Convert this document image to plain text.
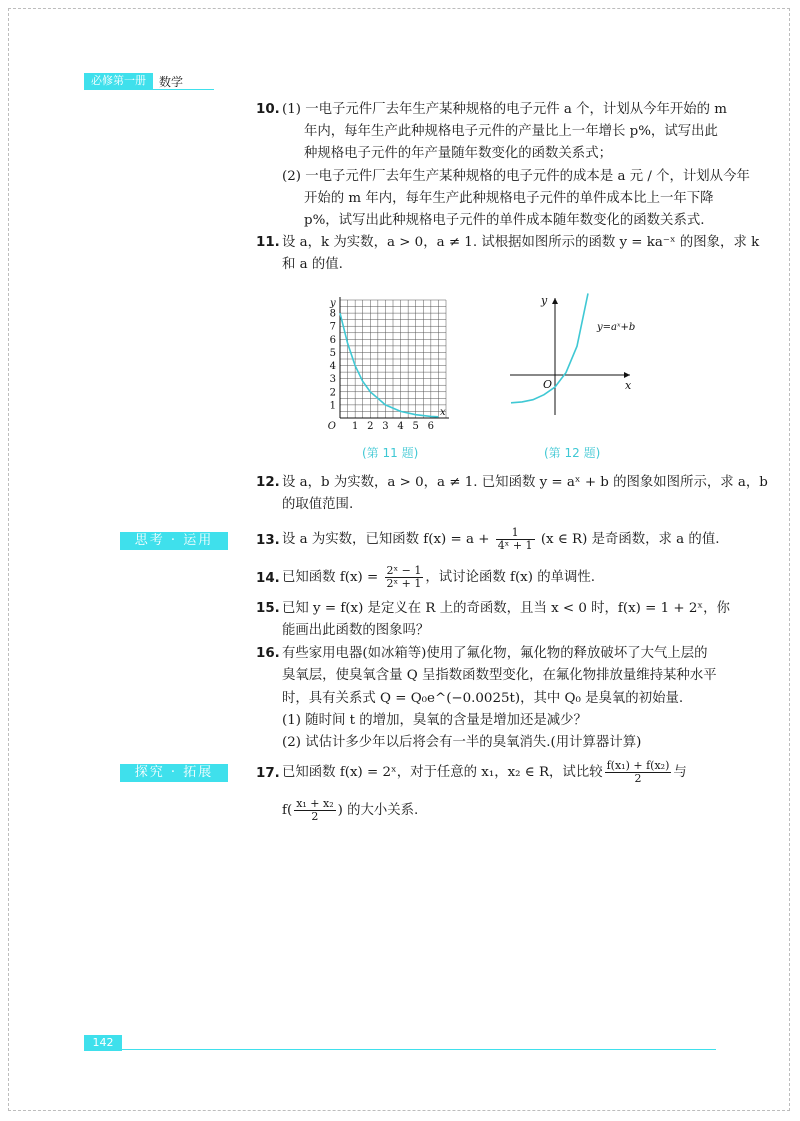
必修第一册	数学
10. (1) 一电子元件厂去年生产某种规格的电子元件 a 个，计划从今年开始的 m
年内，每年生产此种规格电子元件的产量比上一年增长 p%，试写出此
种规格电子元件的年产量随年数变化的函数关系式；
(2) 一电子元件厂去年生产某种规格的电子元件的成本是 a 元 / 个，计划从今年
开始的 m 年内，每年生产此种规格电子元件的单件成本比上一年下降
p%，试写出此种规格电子元件的单件成本随年数变化的函数关系式.
11. 设 a，k 为实数，a > 0，a ≠ 1. 试根据如图所示的函数 y = ka⁻ˣ 的图象，求 k
和 a 的值.
1
2
3
4
5
6
7
8
1 2 3 4 5 6
O
x
y
(第 11 题)
O	x
y
y=aˣ+b
(第 12 题)
12. 设 a，b 为实数，a > 0，a ≠ 1. 已知函数 y = aˣ + b 的图象如图所示，求 a，b
的取值范围.
思考 · 运用	13. 设 a 为实数，已知函数 $f(x) = a + \frac{1}{\text{4ˣ + 1}} (x$ ∈ R) 是奇函数，求 a 的值.
14. 已知函数 $f(x) = \frac{\text{2ˣ − 1}}{\text{2ˣ + 1}}$ ，试讨论函数 f(x) 的单调性.
15. 已知 y = f(x) 是定义在 R 上的奇函数，且当 x < 0 时，f(x) = 1 + 2ˣ，你
能画出此函数的图象吗？
16. 有些家用电器(如冰箱等)使用了氟化物，氟化物的释放破坏了大气上层的
臭氧层，使臭氧含量 Q 呈指数函数型变化，在氟化物排放量维持某种水平
时，具有关系式 Q = Q₀e^(−0.0025t)，其中 Q₀ 是臭氧的初始量.
(1) 随时间 t 的增加，臭氧的含量是增加还是减少？
(2) 试估计多少年以后将会有一半的臭氧消失.(用计算器计算)
探究 · 拓展	17. 已知函数 f(x) = 2ˣ，对于任意的 x₁，x₂ ∈ R，试比较 $\frac{\text{f(x₁) + f(x₂)}}{2}$ 与
$f( \frac{\text{x₁ + x₂}}{2}$ ) 的大小关系.
142
